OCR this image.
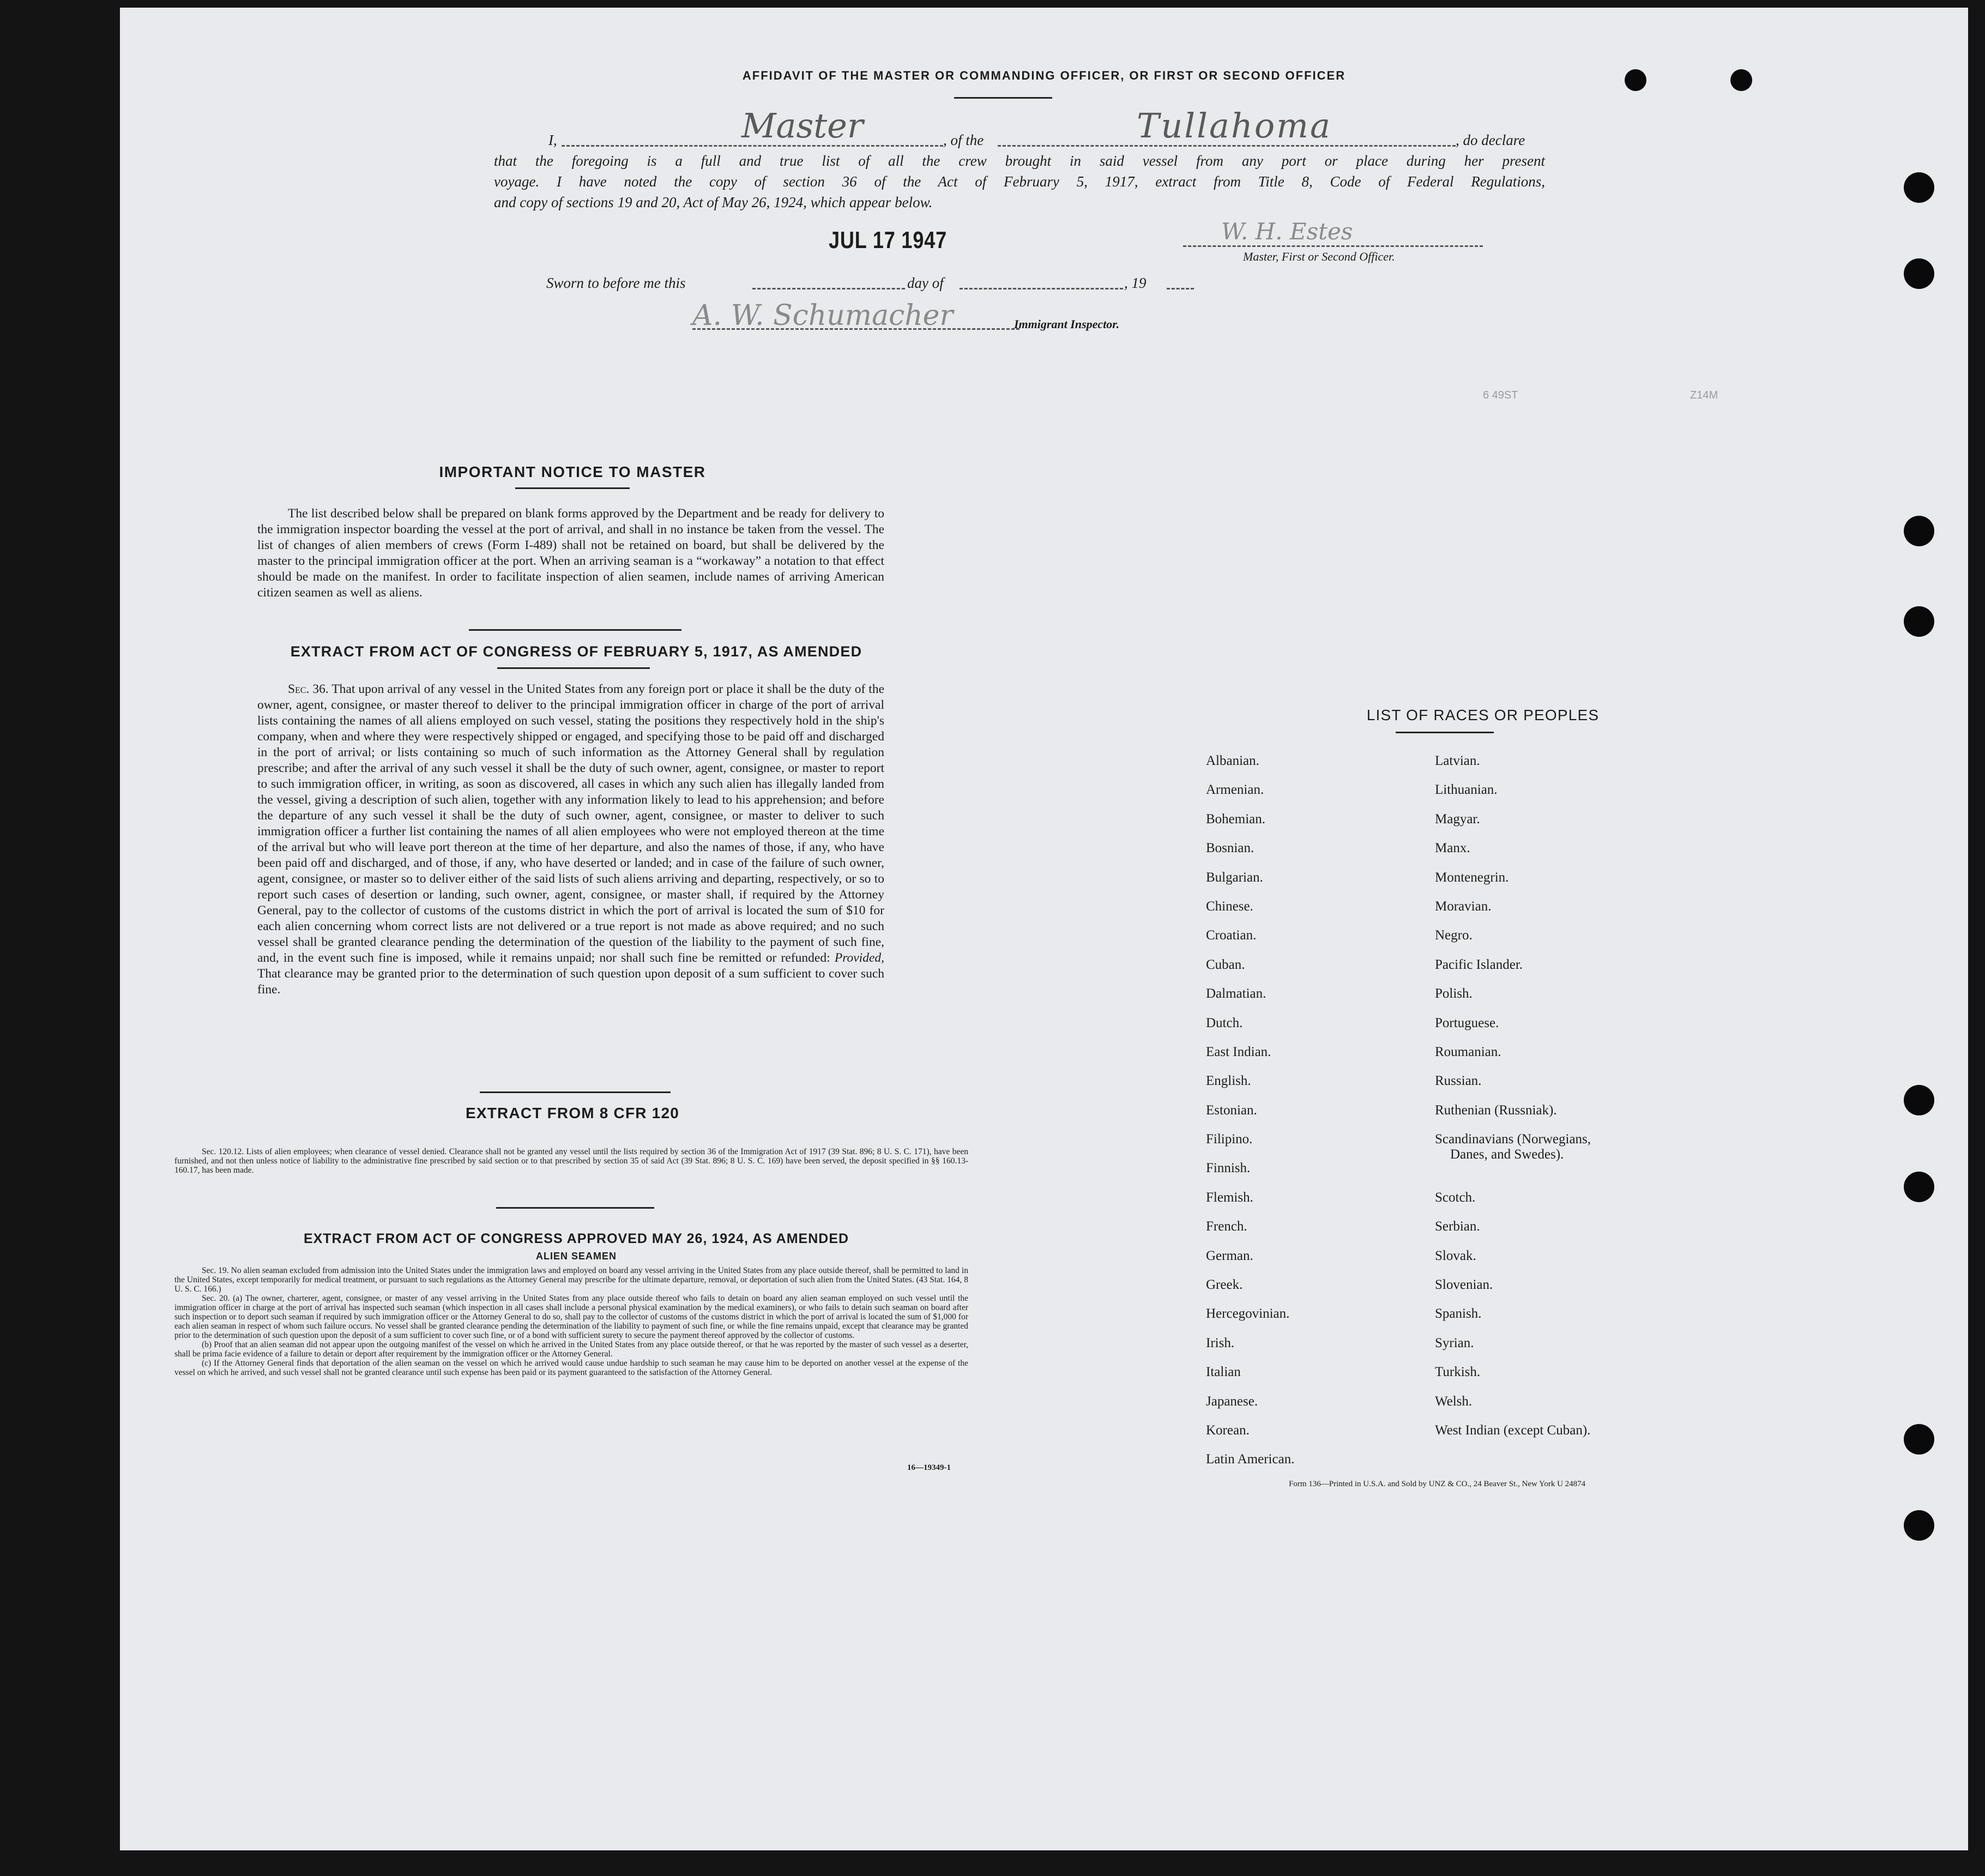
Z14M
6 49ST
AFFIDAVIT OF THE MASTER OR COMMANDING OFFICER, OR FIRST OR SECOND OFFICER
I,	Master	, of the	Tullahoma	, do declare
that the foregoing is a full and true list of all the crew brought in said vessel from any port or place during her present
voyage. I have noted the copy of section 36 of the Act of February 5, 1917, extract from Title 8, Code of Federal Regulations,
and copy of sections 19 and 20, Act of May 26, 1924, which appear below.
JUL 17 1947	W. H. Estes
Master, First or Second Officer.
Sworn to before me this	day of	, 19
A. W. Schumacher	Immigrant Inspector.
IMPORTANT NOTICE TO MASTER
The list described below shall be prepared on blank forms approved by the Department and be ready for delivery to the immigration inspector boarding the vessel at the port of arrival, and shall in no instance be taken from the vessel. The list of changes of alien members of crews (Form I-489) shall not be retained on board, but shall be delivered by the master to the principal immigration officer at the port. When an arriving seaman is a “workaway” a notation to that effect should be made on the manifest. In order to facilitate inspection of alien seamen, include names of arriving American citizen seamen as well as aliens.
EXTRACT FROM ACT OF CONGRESS OF FEBRUARY 5, 1917, AS AMENDED
Sec. 36. That upon arrival of any vessel in the United States from any foreign port or place it shall be the duty of the owner, agent, consignee, or master thereof to deliver to the principal immigration officer in charge of the port of arrival lists containing the names of all aliens employed on such vessel, stating the positions they respectively hold in the ship's company, when and where they were respectively shipped or engaged, and specifying those to be paid off and discharged in the port of arrival; or lists containing so much of such information as the Attorney General shall by regulation prescribe; and after the arrival of any such vessel it shall be the duty of such owner, agent, consignee, or master to report to such immigration officer, in writing, as soon as discovered, all cases in which any such alien has illegally landed from the vessel, giving a description of such alien, together with any information likely to lead to his apprehension; and before the departure of any such vessel it shall be the duty of such owner, agent, consignee, or master to deliver to such immigration officer a further list containing the names of all alien employees who were not employed thereon at the time of the arrival but who will leave port thereon at the time of her departure, and also the names of those, if any, who have been paid off and discharged, and of those, if any, who have deserted or landed; and in case of the failure of such owner, agent, consignee, or master so to deliver either of the said lists of such aliens arriving and departing, respectively, or so to report such cases of desertion or landing, such owner, agent, consignee, or master shall, if required by the Attorney General, pay to the collector of customs of the customs district in which the port of arrival is located the sum of $10 for each alien concerning whom correct lists are not delivered or a true report is not made as above required; and no such vessel shall be granted clearance pending the determination of the question of the liability to the payment of such fine, and, in the event such fine is imposed, while it remains unpaid; nor shall such fine be remitted or refunded: Provided, That clearance may be granted prior to the determination of such question upon deposit of a sum sufficient to cover such fine.
EXTRACT FROM 8 CFR 120
Sec. 120.12. Lists of alien employees; when clearance of vessel denied. Clearance shall not be granted any vessel until the lists required by section 36 of the Immigration Act of 1917 (39 Stat. 896; 8 U. S. C. 171), have been furnished, and not then unless notice of liability to the administrative fine prescribed by said section or to that prescribed by section 35 of said Act (39 Stat. 896; 8 U. S. C. 169) have been served, the deposit specified in §§ 160.13-160.17, has been made.
EXTRACT FROM ACT OF CONGRESS APPROVED MAY 26, 1924, AS AMENDED
ALIEN SEAMEN
Sec. 19. No alien seaman excluded from admission into the United States under the immigration laws and employed on board any vessel arriving in the United States from any place outside thereof, shall be permitted to land in the United States, except temporarily for medical treatment, or pursuant to such regulations as the Attorney General may prescribe for the ultimate departure, removal, or deportation of such alien from the United States. (43 Stat. 164, 8 U. S. C. 166.)
Sec. 20. (a) The owner, charterer, agent, consignee, or master of any vessel arriving in the United States from any place outside thereof who fails to detain on board any alien seaman employed on such vessel until the immigration officer in charge at the port of arrival has inspected such seaman (which inspection in all cases shall include a personal physical examination by the medical examiners), or who fails to detain such seaman on board after such inspection or to deport such seaman if required by such immigration officer or the Attorney General to do so, shall pay to the collector of customs of the customs district in which the port of arrival is located the sum of $1,000 for each alien seaman in respect of whom such failure occurs. No vessel shall be granted clearance pending the determination of the liability to payment of such fine, or while the fine remains unpaid, except that clearance may be granted prior to the determination of such question upon the deposit of a sum sufficient to cover such fine, or of a bond with sufficient surety to secure the payment thereof approved by the collector of customs.
(b) Proof that an alien seaman did not appear upon the outgoing manifest of the vessel on which he arrived in the United States from any place outside thereof, or that he was reported by the master of such vessel as a deserter, shall be prima facie evidence of a failure to detain or deport after requirement by the immigration officer or the Attorney General.
(c) If the Attorney General finds that deportation of the alien seaman on the vessel on which he arrived would cause undue hardship to such seaman he may cause him to be deported on another vessel at the expense of the vessel on which he arrived, and such vessel shall not be granted clearance until such expense has been paid or its payment guaranteed to the satisfaction of the Attorney General.
16—19349-1
LIST OF RACES OR PEOPLES
Albanian.
Armenian.
Bohemian.
Bosnian.
Bulgarian.
Chinese.
Croatian.
Cuban.
Dalmatian.
Dutch.
East Indian.
English.
Estonian.
Filipino.
Finnish.
Flemish.
French.
German.
Greek.
Hercegovinian.
Irish.
Italian
Japanese.
Korean.
Latin American.
Latvian.
Lithuanian.
Magyar.
Manx.
Montenegrin.
Moravian.
Negro.
Pacific Islander.
Polish.
Portuguese.
Roumanian.
Russian.
Ruthenian (Russniak).
Scandinavians (Norwegians,
Danes, and Swedes).
Scotch.
Serbian.
Slovak.
Slovenian.
Spanish.
Syrian.
Turkish.
Welsh.
West Indian (except Cuban).
Form 136—Printed in U.S.A. and Sold by UNZ & CO., 24 Beaver St., New York U 24874
